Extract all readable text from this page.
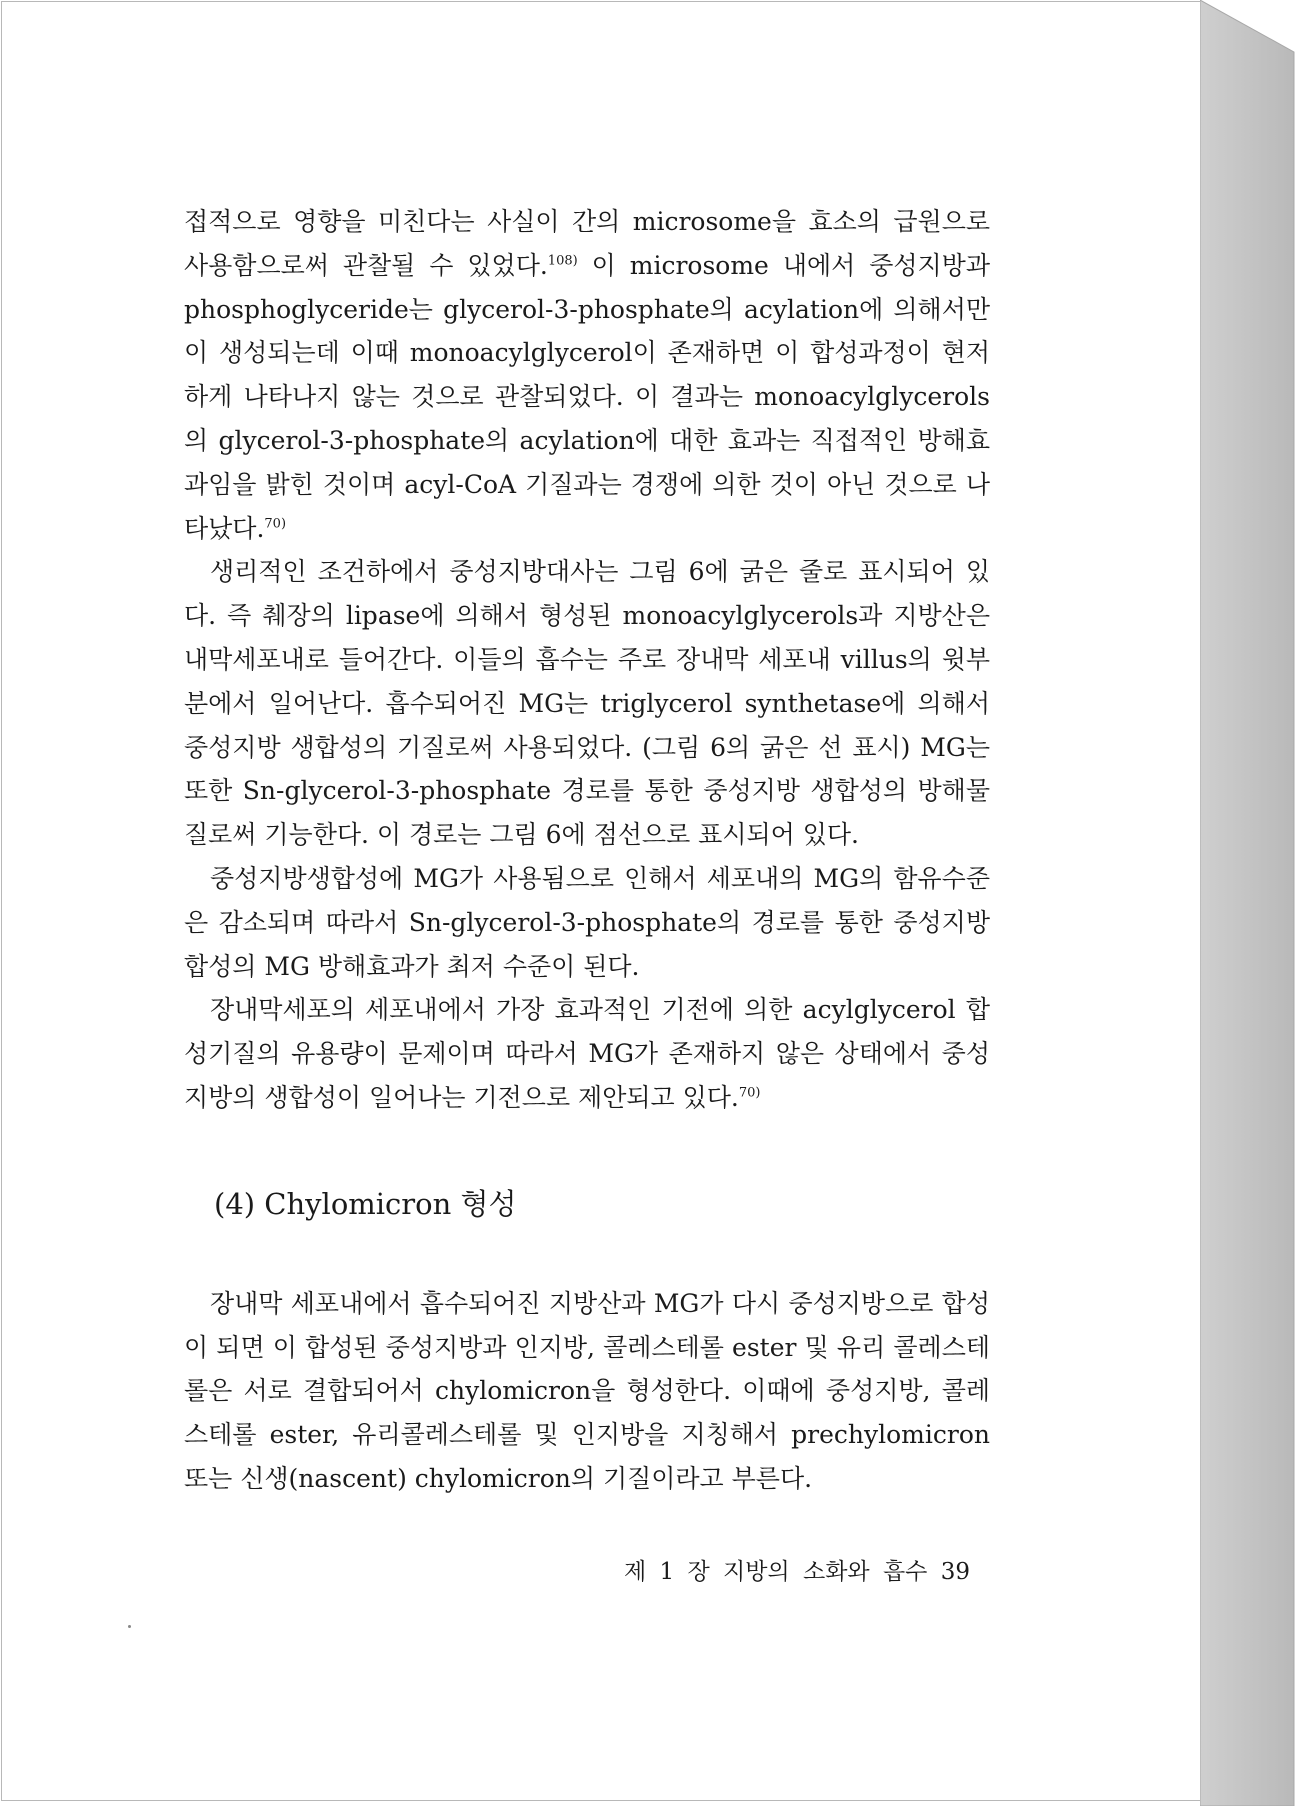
접적으로 영향을 미친다는 사실이 간의 microsome을 효소의 급원으로 사용함으로써 관찰될 수 있었다.$^{108)}$ 이 microsome 내에서 중성지방과 phosphoglyceride는 glycerol-3-phosphate의 acylation에 의해서만이 생성되는데 이때 monoacylglycerol이 존재하면 이 합성과정이 현저하게 나타나지 않는 것으로 관찰되었다. 이 결과는 monoacylglycerols의 glycerol-3-phosphate의 acylation에 대한 효과는 직접적인 방해효과임을 밝힌 것이며 acyl-CoA 기질과는 경쟁에 의한 것이 아닌 것으로 나타났다.$^{70)}$

생리적인 조건하에서 중성지방대사는 그림 6에 굵은 줄로 표시되어 있다. 즉 췌장의 lipase에 의해서 형성된 monoacylglycerols과 지방산은 내막세포내로 들어간다. 이들의 흡수는 주로 장내막 세포내 villus의 윗부분에서 일어난다. 흡수되어진 MG는 triglycerol synthetase에 의해서 중성지방 생합성의 기질로써 사용되었다. (그림 6의 굵은 선 표시) MG는 또한 Sn-glycerol-3-phosphate 경로를 통한 중성지방 생합성의 방해물질로써 기능한다. 이 경로는 그림 6에 점선으로 표시되어 있다.

중성지방생합성에 MG가 사용됨으로 인해서 세포내의 MG의 함유수준은 감소되며 따라서 Sn-glycerol-3-phosphate의 경로를 통한 중성지방합성의 MG 방해효과가 최저 수준이 된다.

장내막세포의 세포내에서 가장 효과적인 기전에 의한 acylglycerol 합성기질의 유용량이 문제이며 따라서 MG가 존재하지 않은 상태에서 중성지방의 생합성이 일어나는 기전으로 제안되고 있다.$^{70)}$

(4) Chylomicron 형성

장내막 세포내에서 흡수되어진 지방산과 MG가 다시 중성지방으로 합성이 되면 이 합성된 중성지방과 인지방, 콜레스테롤 ester 및 유리 콜레스테롤은 서로 결합되어서 chylomicron을 형성한다. 이때에 중성지방, 콜레스테롤 ester, 유리콜레스테롤 및 인지방을 지칭해서 prechylomicron 또는 신생(nascent) chylomicron의 기질이라고 부른다.

제 1 장 지방의 소화와 흡수 39
